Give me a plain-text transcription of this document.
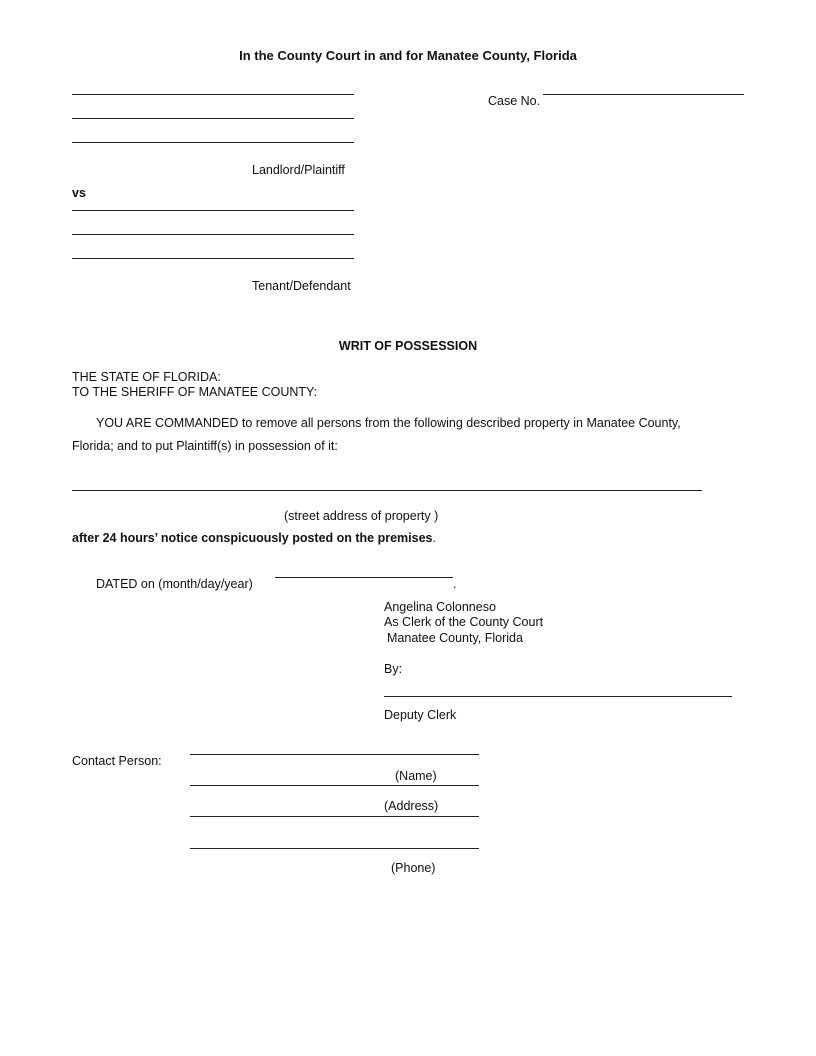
In the County Court in and for Manatee County, Florida
Landlord/Plaintiff
Case No.
vs
Tenant/Defendant
WRIT OF POSSESSION
THE STATE OF FLORIDA:
TO THE SHERIFF OF MANATEE COUNTY:
YOU ARE COMMANDED to remove all persons from the following described property in Manatee County,
Florida; and to put Plaintiff(s) in possession of it:
(street address of property )
after 24 hours’ notice conspicuously posted on the premises.
DATED on (month/day/year)	.
Angelina Colonneso
As Clerk of the County Court
Manatee County, Florida
By:
Deputy Clerk
Contact Person:
(Name)
(Address)
(Phone)
